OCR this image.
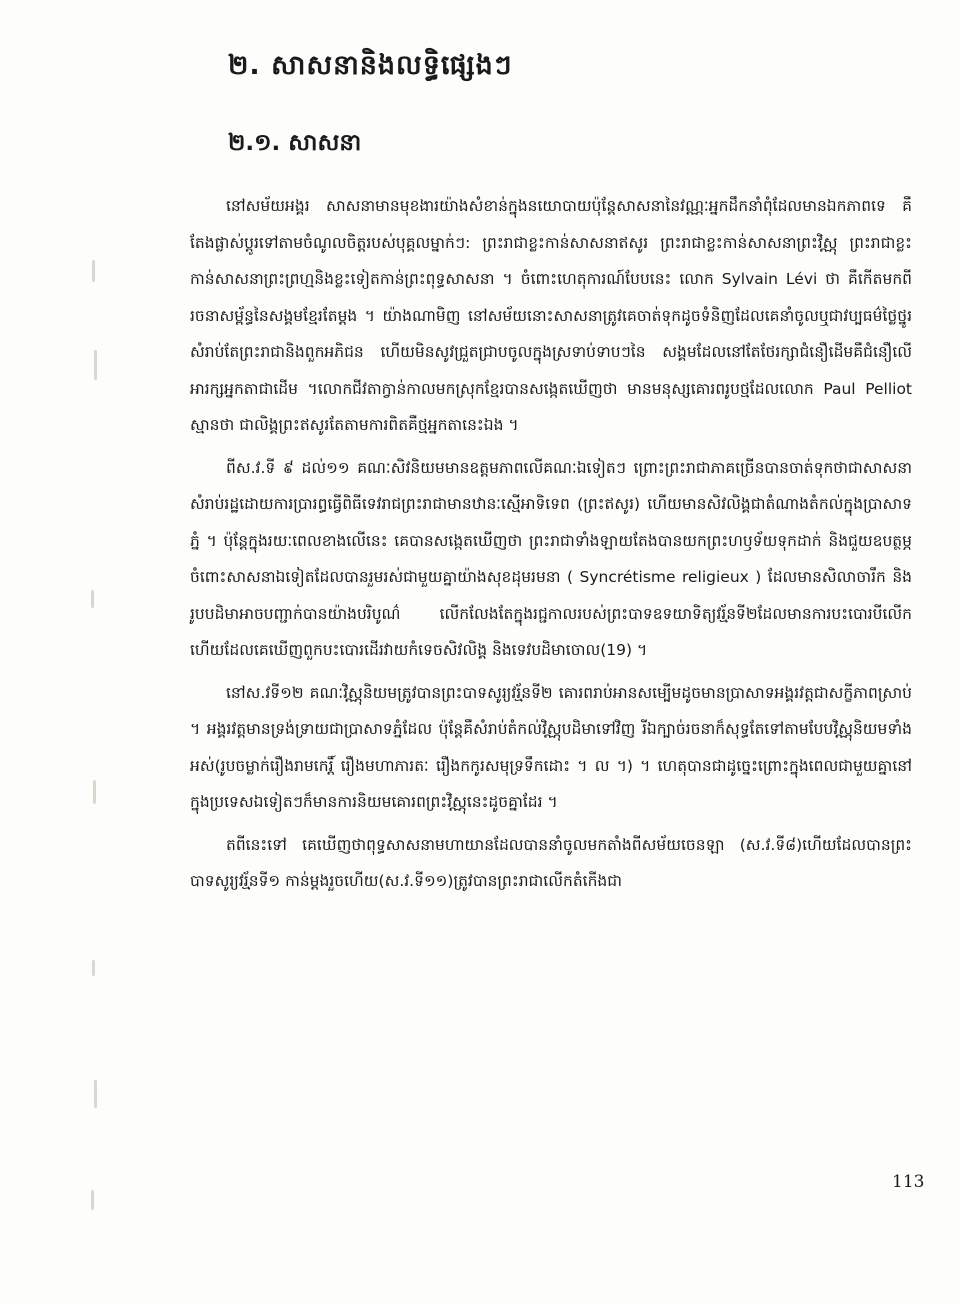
២. សាសនានិងលទ្ធិផ្សេងៗ
២.១. សាសនា

នៅសម័យអង្គរ សាសនាមានមុខងារយ៉ាងសំខាន់ក្នុងនយោបាយប៉ុន្តែសាសនានៃវណ្ណៈអ្នកដឹកនាំពុំដែលមានឯកភាពទេ គឺតែងផ្លាស់ប្តូរទៅតាមចំណូលចិត្តរបស់បុគ្គលម្នាក់ៗ: ព្រះរាជាខ្លះកាន់សាសនាឥសូរ ព្រះរាជាខ្លះកាន់សាសនាព្រះវិស្ណុ ព្រះរាជាខ្លះកាន់សាសនាព្រះព្រហ្មនិងខ្លះទៀតកាន់ព្រះពុទ្ធសាសនា ។ ចំពោះហេតុការណ៍បែបនេះ លោក Sylvain Lévi ថា គឺកើតមកពីរចនាសម្ព័ន្ធនៃសង្គមខ្មែរតែម្តង ។ យ៉ាងណាមិញ នៅសម័យនោះសាសនាត្រូវគេចាត់ទុកដូចទំនិញដែលគេនាំចូលឬជាវប្បធម៌ថ្លៃថ្នូរសំរាប់តែព្រះរាជានិងពួកអភិជន ហើយមិនសូវជ្រួតជ្រាបចូលក្នុងស្រទាប់ទាបៗនៃ សង្គមដែលនៅតែថែរក្សាជំនឿដើមគឺជំនឿលើអារក្សអ្នកតាជាដើម ។លោកជីវតាក្វាន់កាលមកស្រុកខ្មែរបានសង្កេតឃើញថា មានមនុស្សគោរពរូបថ្មដែលលោក Paul Pelliot ស្មានថា ជាលិង្គព្រះឥសូរតែតាមការពិតគឺថ្មអ្នកតានេះឯង ។

ពីស.វ.ទី ៩ ដល់១១ គណៈសិវនិយមមានឧត្តមភាពលើគណៈឯទៀតៗ ព្រោះព្រះរាជាភាគច្រើនបានចាត់ទុកថាជាសាសនាសំរាប់រដ្ឋដោយការប្រារព្ធធ្វើពិធីទេវរាជព្រះរាជាមានឋានៈស្មើអាទិទេព (ព្រះឥសូរ) ហើយមានសិវលិង្គជាតំណាងតំកល់ក្នុងប្រាសាទភ្នំ ។ ប៉ុន្តែក្នុងរយៈពេលខាងលើនេះ គេបានសង្កេតឃើញថា ព្រះរាជាទាំងឡាយតែងបានយកព្រះហឫទ័យទុកដាក់ និងជួយឧបត្ថម្ភចំពោះសាសនាឯទៀតដែលបានរួមរស់ជាមួយគ្នាយ៉ាងសុខដុមរមនា ( Syncrétisme religieux ) ដែលមានសិលាចារឹក និង រូបបដិមាអាចបញ្ជាក់បានយ៉ាងបរិបូណ៌ លើកលែងតែក្នុងរជ្ជកាលរបស់ព្រះបាទឧទយាទិត្យវរ្ម័នទី២ដែលមានការបះបោរបីលើក ហើយដែលគេឃើញពួកបះបោរដើរវាយកំទេចសិវលិង្គ និងទេវបដិមាចោល(19) ។

នៅស.វទី១២ គណៈវិស្ណុនិយមត្រូវបានព្រះបាទសូរ្យវរ្ម័នទី២ គោរពរាប់អានសម្បើមដូចមានប្រាសាទអង្គរវត្តជាសក្ខីភាពស្រាប់ ។ អង្គរវត្តមានទ្រង់ទ្រាយជាប្រាសាទភ្នំដែល ប៉ុន្តែគឺសំរាប់តំកល់វិស្ណុបដិមាទៅវិញ រីឯក្បាច់រចនាក៏សុទ្ធតែទៅតាមបែបវិស្ណុនិយមទាំងអស់(រូបចម្លាក់រឿងរាមកេរ្តិ៍ រឿងមហាភារតៈ រឿងកកូរសមុទ្រទឹកដោះ ។ ល ។) ។ ហេតុបានជាដូច្នេះព្រោះក្នុងពេលជាមួយគ្នានៅក្នុងប្រទេសឯទៀតៗក៏មានការនិយមគោរពព្រះវិស្ណុនេះដូចគ្នាដែរ ។

តពីនេះទៅ គេឃើញថាពុទ្ធសាសនាមហាយានដែលបាននាំចូលមកតាំងពីសម័យចេនឡា (ស.វ.ទី៨)ហើយដែលបានព្រះបាទសូរ្យវរ្ម័នទី១ កាន់ម្តងរួចហើយ(ស.វ.ទី១១)ត្រូវបានព្រះរាជាលើកតំកើងជា

113
